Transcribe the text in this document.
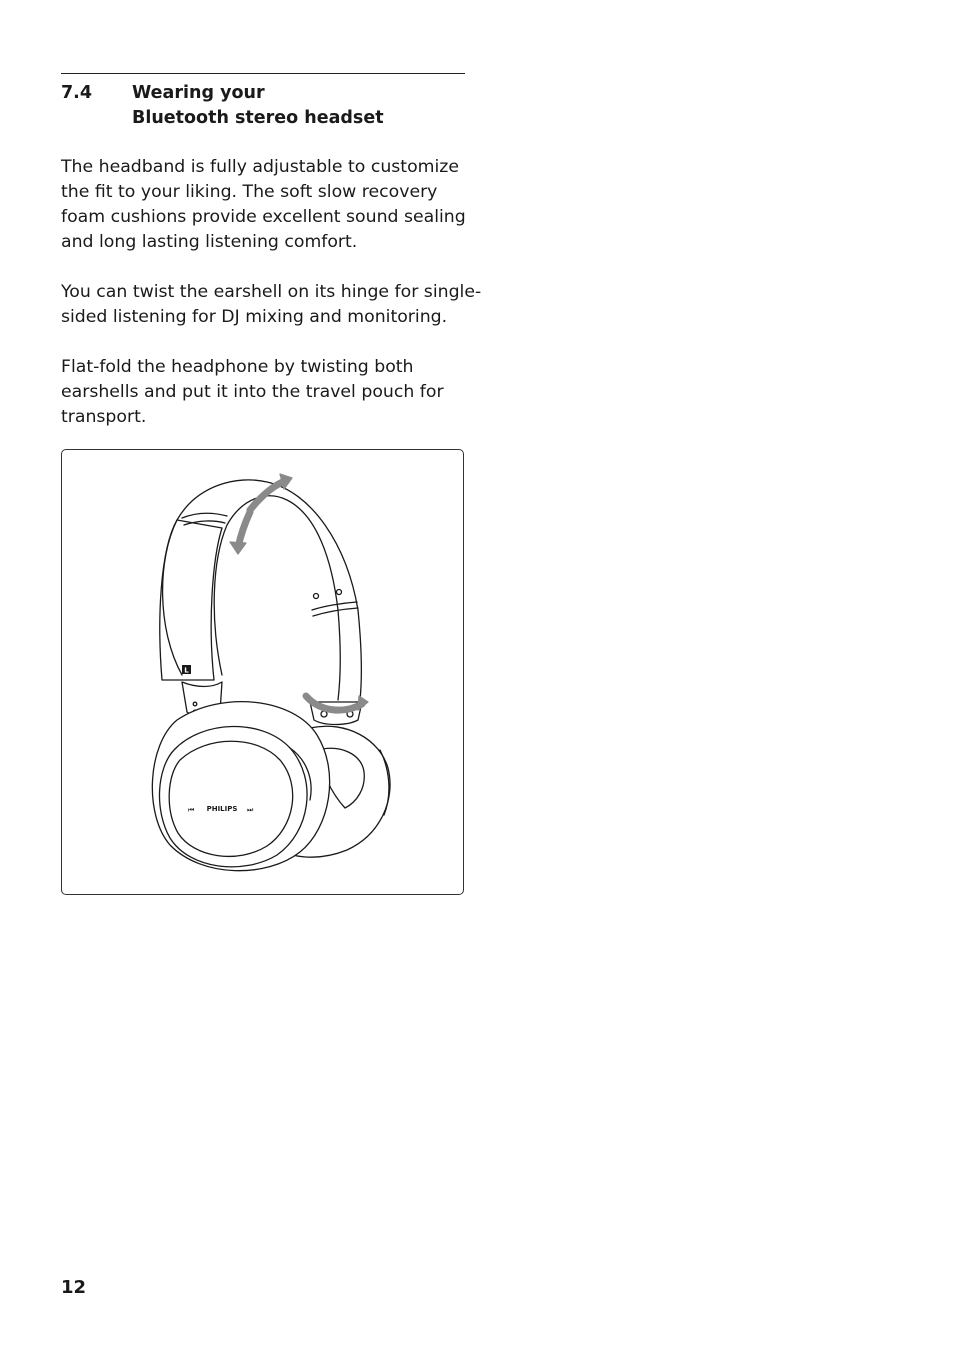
7.4 Wearing your
Bluetooth stereo headset
The headband is fully adjustable to customize
the fit to your liking. The soft slow recovery
foam cushions provide excellent sound sealing
and long lasting listening comfort.
You can twist the earshell on its hinge for single-
sided listening for DJ mixing and monitoring.
Flat-fold the headphone by twisting both
earshells and put it into the travel pouch for
transport.
L
⏮ PHILIPS ⏭
12
